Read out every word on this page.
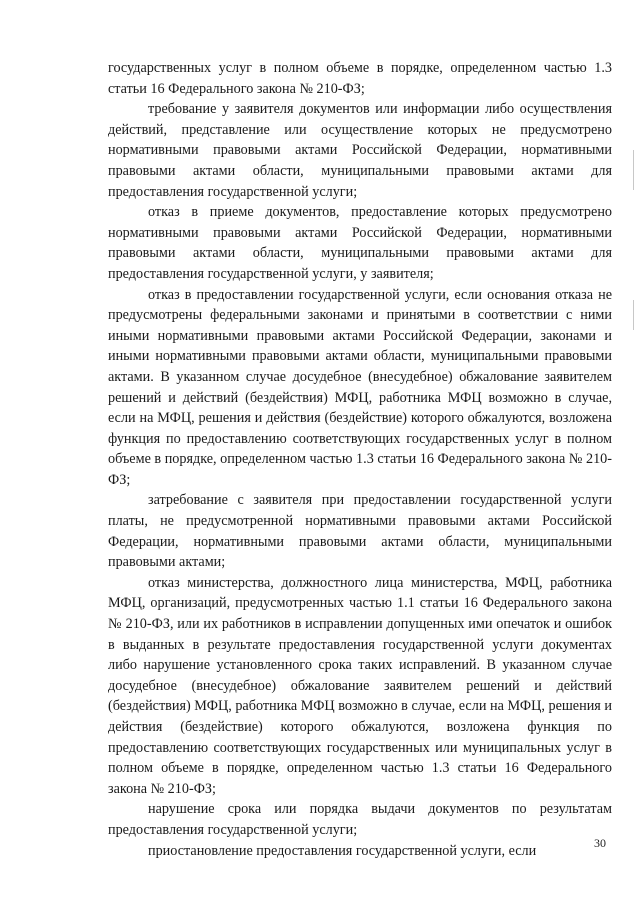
государственных услуг в полном объеме в порядке, определенном частью 1.3 статьи 16 Федерального закона № 210-ФЗ;

требование у заявителя документов или информации либо осуществления действий, представление или осуществление которых не предусмотрено нормативными правовыми актами Российской Федерации, нормативными правовыми актами области, муниципальными правовыми актами для предоставления государственной услуги;

отказ в приеме документов, предоставление которых предусмотрено нормативными правовыми актами Российской Федерации, нормативными правовыми актами области, муниципальными правовыми актами для предоставления государственной услуги, у заявителя;

отказ в предоставлении государственной услуги, если основания отказа не предусмотрены федеральными законами и принятыми в соответствии с ними иными нормативными правовыми актами Российской Федерации, законами и иными нормативными правовыми актами области, муниципальными правовыми актами. В указанном случае досудебное (внесудебное) обжалование заявителем решений и действий (бездействия) МФЦ, работника МФЦ возможно в случае, если на МФЦ, решения и действия (бездействие) которого обжалуются, возложена функция по предоставлению соответствующих государственных услуг в полном объеме в порядке, определенном частью 1.3 статьи 16 Федерального закона № 210-ФЗ;

затребование с заявителя при предоставлении государственной услуги платы, не предусмотренной нормативными правовыми актами Российской Федерации, нормативными правовыми актами области, муниципальными правовыми актами;

отказ министерства, должностного лица министерства, МФЦ, работника МФЦ, организаций, предусмотренных частью 1.1 статьи 16 Федерального закона № 210-ФЗ, или их работников в исправлении допущенных ими опечаток и ошибок в выданных в результате предоставления государственной услуги документах либо нарушение установленного срока таких исправлений. В указанном случае досудебное (внесудебное) обжалование заявителем решений и действий (бездействия) МФЦ, работника МФЦ возможно в случае, если на МФЦ, решения и действия (бездействие) которого обжалуются, возложена функция по предоставлению соответствующих государственных или муниципальных услуг в полном объеме в порядке, определенном частью 1.3 статьи 16 Федерального закона № 210-ФЗ;

нарушение срока или порядка выдачи документов по результатам предоставления государственной услуги;

приостановление предоставления государственной услуги, если	30
